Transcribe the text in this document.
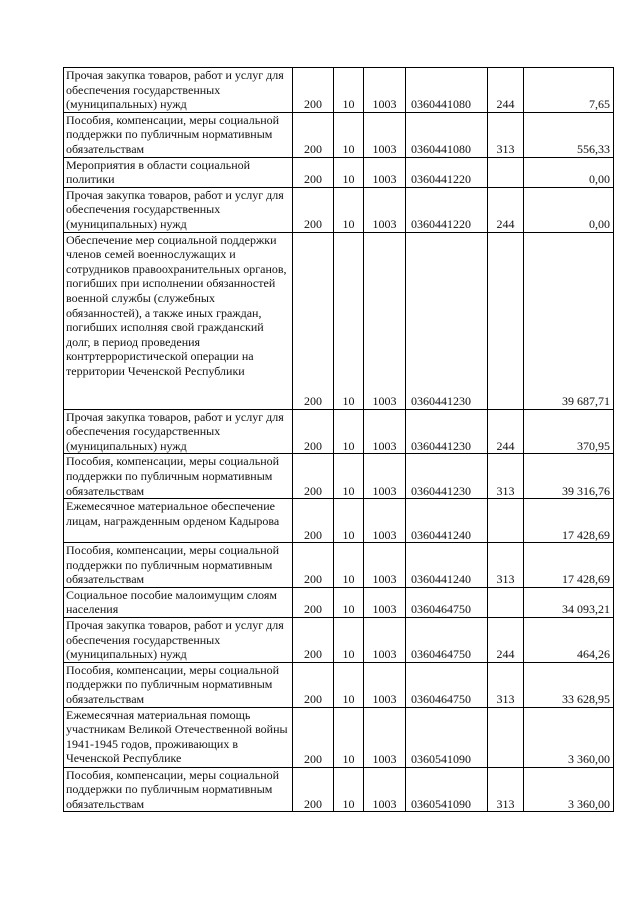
Прочая закупка товаров, работ и услуг для обеспечения государственных (муниципальных) нужд	200	10	1003	0360441080	244	7,65
Пособия, компенсации, меры социальной поддержки по публичным нормативным обязательствам	200	10	1003	0360441080	313	556,33
Мероприятия в области социальной политики	200	10	1003	0360441220		0,00
Прочая закупка товаров, работ и услуг для обеспечения государственных (муниципальных) нужд	200	10	1003	0360441220	244	0,00
Обеспечение мер социальной поддержки членов семей военнослужащих и сотрудников правоохранительных органов, погибших при исполнении обязанностей военной службы (служебных обязанностей), а также иных граждан, погибших исполняя свой гражданский долг, в период проведения контртеррористической операции на территории Чеченской Республики	200	10	1003	0360441230		39 687,71
Прочая закупка товаров, работ и услуг для обеспечения государственных (муниципальных) нужд	200	10	1003	0360441230	244	370,95
Пособия, компенсации, меры социальной поддержки по публичным нормативным обязательствам	200	10	1003	0360441230	313	39 316,76
Ежемесячное материальное обеспечение лицам, награжденным орденом Кадырова	200	10	1003	0360441240		17 428,69
Пособия, компенсации, меры социальной поддержки по публичным нормативным обязательствам	200	10	1003	0360441240	313	17 428,69
Социальное пособие малоимущим слоям населения	200	10	1003	0360464750		34 093,21
Прочая закупка товаров, работ и услуг для обеспечения государственных (муниципальных) нужд	200	10	1003	0360464750	244	464,26
Пособия, компенсации, меры социальной поддержки по публичным нормативным обязательствам	200	10	1003	0360464750	313	33 628,95
Ежемесячная материальная помощь участникам Великой Отечественной войны 1941-1945 годов, проживающих в Чеченской Республике	200	10	1003	0360541090		3 360,00
Пособия, компенсации, меры социальной поддержки по публичным нормативным обязательствам	200	10	1003	0360541090	313	3 360,00
